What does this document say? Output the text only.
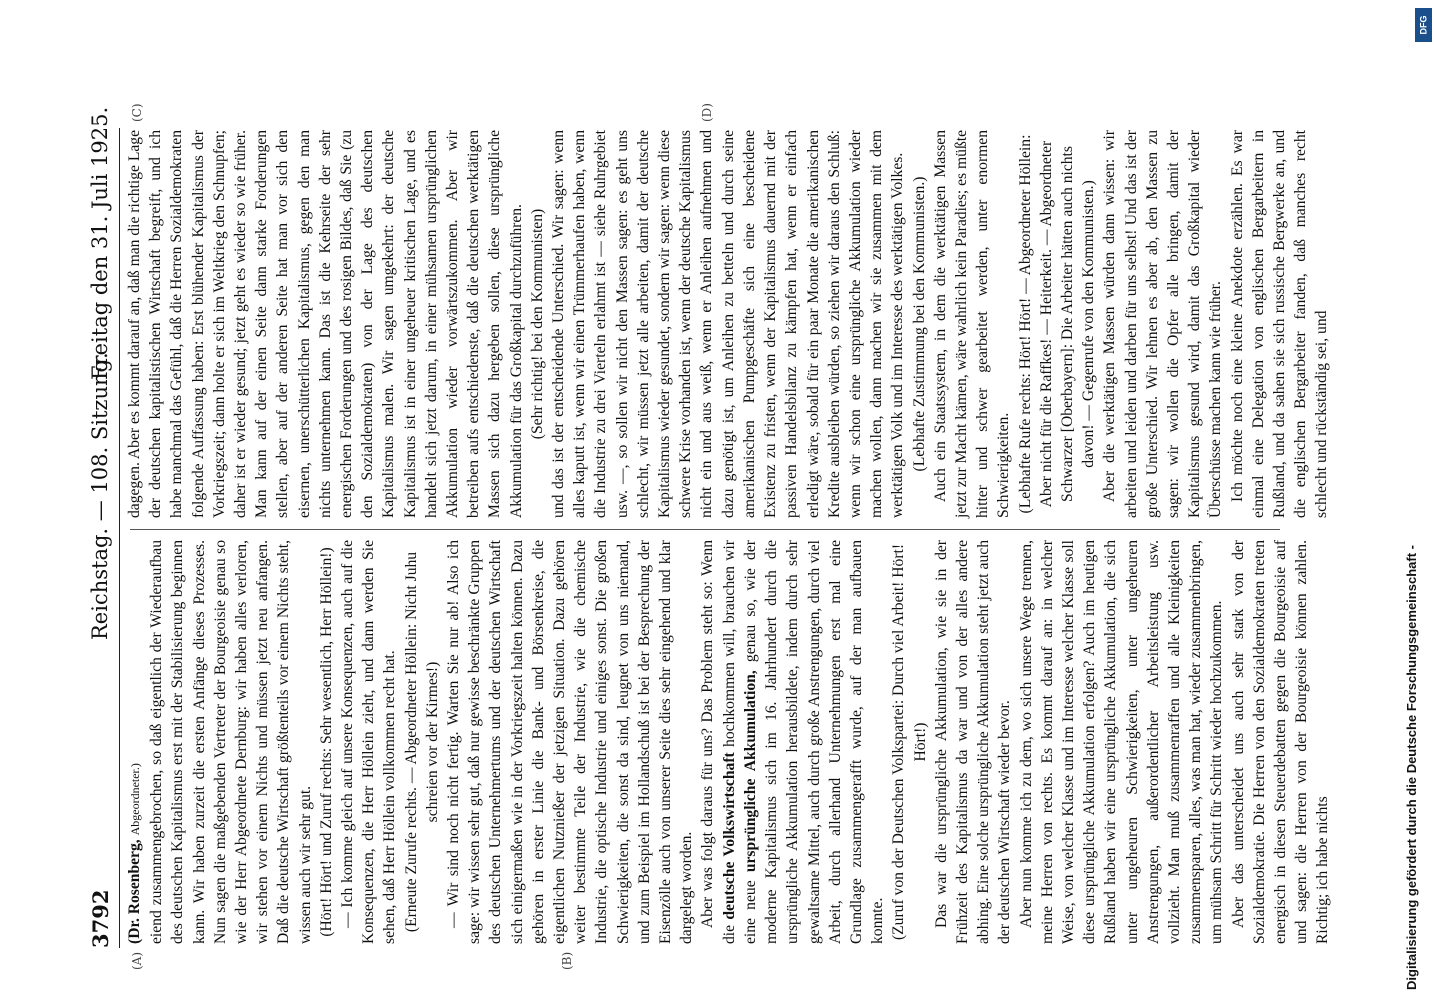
3792
Reichstag. — 108. Sitzung.
Freitag den 31. Juli 1925.
(A)	(B)
(C)	(D)

(Dr. Rosenberg, Abgeordneter.) eiend zusammengebrochen, so daß eigentlich der Wiederaufbau des deutschen Kapitalismus erst mit der Stabilisierung beginnen kann. Wir haben zurzeit die ersten Anfänge dieses Prozesses. Nun sagen die maßgebenden Vertreter der Bourgeoisie genau so wie der Herr Abgeordnete Dernburg: wir haben alles verloren, wir stehen vor einem Nichts und müssen jetzt neu anfangen. Daß die deutsche Wirtschaft größtenteils vor einem Nichts steht, wissen auch wir sehr gut. (Hört! Hört! und Zuruf rechts: Sehr wesentlich, Herr Höllein!) — Ich komme gleich auf unsere Konsequenzen, auch auf die Konsequenzen, die Herr Höllein zieht, und dann werden Sie sehen, daß Herr Höllein vollkommen recht hat. (Erneute Zurufe rechts. — Abgeordneter Höllein: Nicht Juhu schreien vor der Kirmes!) — Wir sind noch nicht fertig. Warten Sie nur ab! Also ich sage: wir wissen sehr gut, daß nur gewisse beschränkte Gruppen des deutschen Unternehmertums und der deutschen Wirtschaft sich einigermaßen wie in der Vorkriegszeit halten können. Dazu gehören in erster Linie die Bank- und Börsenkreise, die eigentlichen Nutznießer der jetzigen Situation. Dazu gehören weiter bestimmte Teile der Industrie, wie die chemische Industrie, die optische Industrie und einiges sonst. Die großen Schwierigkeiten, die sonst da sind, leugnet von uns niemand, und zum Beispiel im Hollandschuß ist bei der Besprechung der Eisenzölle auch von unserer Seite dies sehr eingehend und klar dargelegt worden. Aber was folgt daraus für uns? Das Problem steht so: Wenn die deutsche Volkswirtschaft hochkommen will, brauchen wir eine neue ursprüngliche Akkumulation, genau so, wie der moderne Kapitalismus sich im 16. Jahrhundert durch die ursprüngliche Akkumulation herausbildete, indem durch sehr gewaltsame Mittel, auch durch große Anstrengungen, durch viel Arbeit, durch allerhand Unternehmungen erst mal eine Grundlage zusammengerafft wurde, auf der man aufbauen konnte. (Zuruf von der Deutschen Volkspartei: Durch viel Arbeit! Hört! Hört!) Das war die ursprüngliche Akkumulation, wie sie in der Frühzeit des Kapitalismus da war und von der alles andere abhing. Eine solche ursprüngliche Akkumulation steht jetzt auch der deutschen Wirtschaft wieder bevor. Aber nun komme ich zu dem, wo sich unsere Wege trennen, meine Herren von rechts. Es kommt darauf an: in welcher Weise, von welcher Klasse und im Interesse welcher Klasse soll diese ursprüngliche Akkumulation erfolgen? Auch im heutigen Rußland haben wir eine ursprüngliche Akkumulation, die sich unter ungeheuren Schwierigkeiten, unter ungeheuren Anstrengungen, außerordentlicher Arbeitsleistung usw. vollzieht. Man muß zusammenraffen und alle Kleinigkeiten zusammensparen, alles, was man hat, wieder zusammenbringen, um mühsam Schritt für Schritt wieder hochzukommen. Aber das unterscheidet uns auch sehr stark von der Sozialdemokratie. Die Herren von den Sozialdemokraten treten energisch in diesen Steuerdebatten gegen die Bourgeoisie auf und sagen: die Herren von der Bourgeoisie können zahlen. Richtig; ich habe nichts

dagegen. Aber es kommt darauf an, daß man die richtige Lage der deutschen kapitalistischen Wirtschaft begreift, und ich habe manchmal das Gefühl, daß die Herren Sozialdemokraten folgende Auffassung haben: Erst blühender Kapitalismus der Vorkriegszeit; dann holte er sich im Weltkrieg den Schnupfen; daher ist er wieder gesund; jetzt geht es wieder so wie früher. Man kann auf der einen Seite dann starke Forderungen stellen, aber auf der anderen Seite hat man vor sich den eisernen, unerschütterlichen Kapitalismus, gegen den man nichts unternehmen kann. Das ist die Kehrseite der sehr energischen Forderungen und des rosigen Bildes, daß Sie (zu den Sozialdemokraten) von der Lage des deutschen Kapitalismus malen. Wir sagen umgekehrt: der deutsche Kapitalismus ist in einer ungeheuer kritischen Lage, und es handelt sich jetzt darum, in einer mühsamen ursprünglichen Akkumulation wieder vorwärtszukommen. Aber wir betreiben aufs entschiedenste, daß die deutschen werktätigen Massen sich dazu hergeben sollen, diese ursprüngliche Akkumulation für das Großkapital durchzuführen. (Sehr richtig! bei den Kommunisten) und das ist der entscheidende Unterschied. Wir sagen: wenn alles kaputt ist, wenn wir einen Trümmerhaufen haben, wenn die Industrie zu drei Vierteln erlahmt ist — siehe Ruhrgebiet usw. —, so sollen wir nicht den Massen sagen: es geht uns schlecht, wir müssen jetzt alle arbeiten, damit der deutsche Kapitalismus wieder gesundet, sondern wir sagen: wenn diese schwere Krise vorhanden ist, wenn der deutsche Kapitalismus nicht ein und aus weiß, wenn er Anleihen aufnehmen und dazu genötigt ist, um Anleihen zu betteln und durch seine amerikanischen Pumpgeschäfte sich eine bescheidene Existenz zu fristen, wenn der Kapitalismus dauernd mit der passiven Handelsbilanz zu kämpfen hat, wenn er einfach erledigt wäre, sobald für ein paar Monate die amerikanischen Kredite ausbleiben würden, so ziehen wir daraus den Schluß: wenn wir schon eine ursprüngliche Akkumulation wieder machen wollen, dann machen wir sie zusammen mit dem werktätigen Volk und im Interesse des werktätigen Volkes. (Lebhafte Zustimmung bei den Kommunisten.) Auch ein Staatssystem, in dem die werktätigen Massen jetzt zur Macht kämen, wäre wahrlich kein Paradies; es müßte hitter und schwer gearbeitet werden, unter enormen Schwierigkeiten. (Lebhafte Rufe rechts: Hört! Hört! — Abgeordneter Höllein: Aber nicht für die Raffkes! — Heiterkeit. — Abgeordneter Schwarzer [Oberbayern]: Die Arbeiter hätten auch nichts davon! — Gegenrufe von den Kommunisten.) Aber die werktätigen Massen würden dann wissen: wir arbeiten und leiden und darben für uns selbst! Und das ist der große Unterschied. Wir lehnen es aber ab, den Massen zu sagen: wir wollen die Opfer alle bringen, damit der Kapitalismus gesund wird, damit das Großkapital wieder Überschüsse machen kann wie früher. Ich möchte noch eine kleine Anekdote erzählen. Es war einmal eine Delegation von englischen Bergarbeitern in Rußland, und da sahen sie sich russische Bergwerke an, und die englischen Bergarbeiter fanden, daß manches recht schlecht und rückständig sei, und

Digitalisierung gefördert durch die Deutsche Forschungsgemeinschaft -
DFG
